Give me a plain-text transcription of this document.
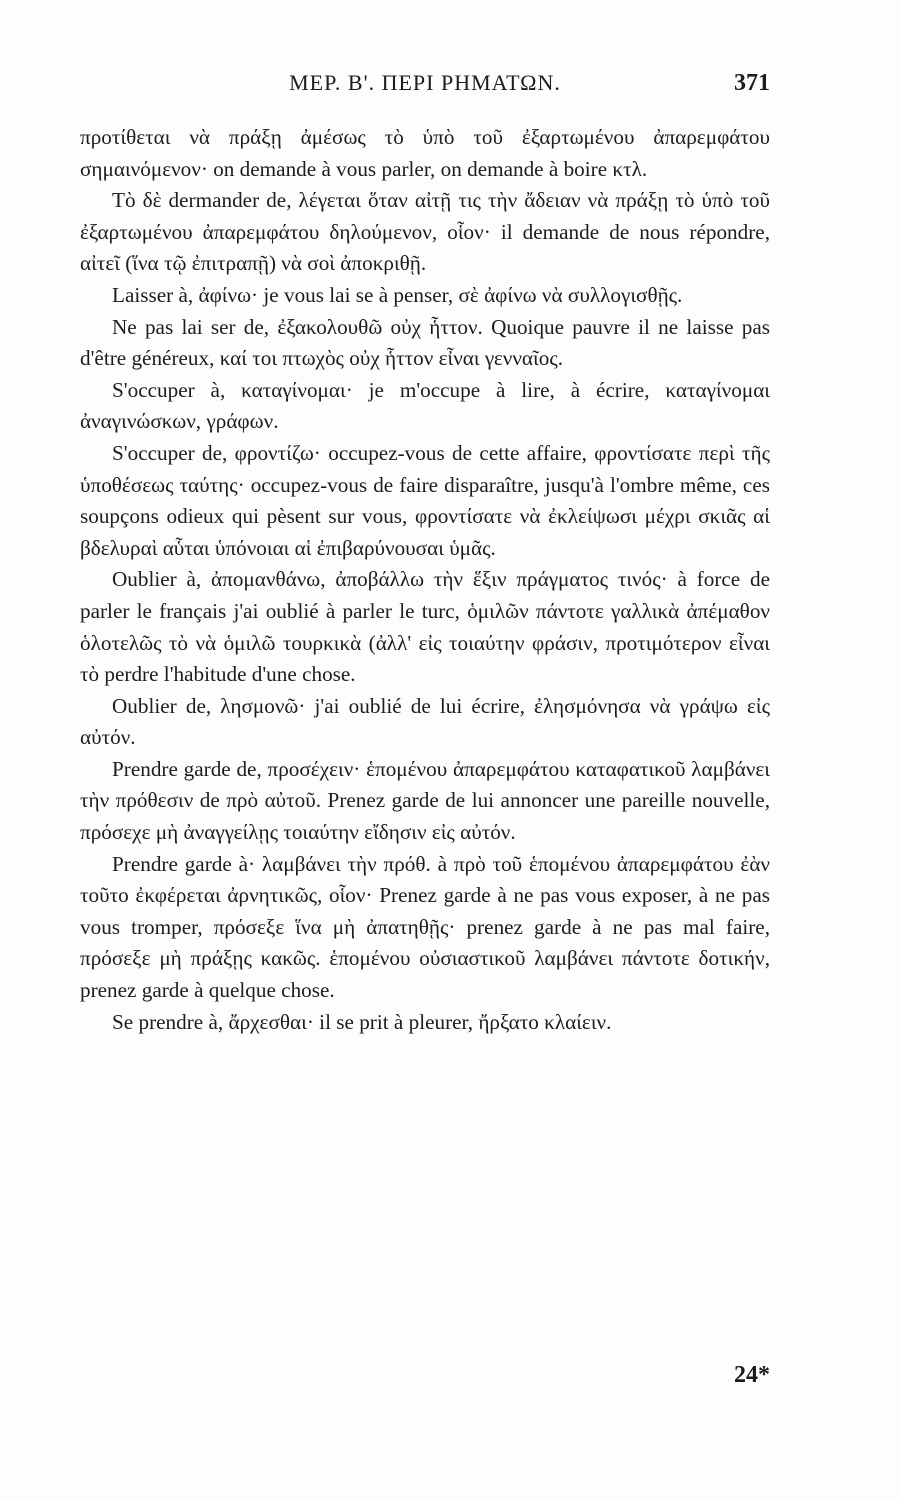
ΜΕΡ. Β'. ΠΕΡΙ ΡΗΜΑΤΩΝ.	371

προτίθεται νὰ πράξῃ ἀμέσως τὸ ὑπὸ τοῦ ἐξαρτωμένου ἀπαρεμφάτου σημαινόμενον· on demande à vous parler, on demande à boire κτλ.

Τὸ δὲ dermander de, λέγεται ὅταν αἰτῇ τις τὴν ἄδειαν νὰ πράξῃ τὸ ὑπὸ τοῦ ἐξαρτωμένου ἀπαρεμφάτου δηλούμενον, οἷον· il demande de nous répondre, αἰτεῖ (ἵνα τῷ ἐπιτραπῇ) νὰ σοὶ ἀποκριθῇ.

Laisser à, ἀφίνω· je vous lai se à penser, σὲ ἀφίνω νὰ συλλογισθῇς.

Ne pas lai ser de, ἐξακολουθῶ οὐχ ἧττον. Quoique pauvre il ne laisse pas d'être généreux, καί τοι πτωχὸς οὐχ ἧττον εἶναι γενναῖος.

S'occuper à, καταγίνομαι· je m'occupe à lire, à écrire, καταγίνομαι ἀναγινώσκων, γράφων.

S'occuper de, φροντίζω· occupez-vous de cette affaire, φροντίσατε περὶ τῆς ὑποθέσεως ταύτης· occupez-vous de faire disparaître, jusqu'à l'ombre même, ces soupçons odieux qui pèsent sur vous, φροντίσατε νὰ ἐκλείψωσι μέχρι σκιᾶς αἱ βδελυραὶ αὗται ὑπόνοιαι αἱ ἐπιβαρύνουσαι ὑμᾶς.

Oublier à, ἀπομανθάνω, ἀποβάλλω τὴν ἕξιν πράγματος τινός· à force de parler le français j'ai oublié à parler le turc, ὁμιλῶν πάντοτε γαλλικὰ ἀπέμαθον ὁλοτελῶς τὸ νὰ ὁμιλῶ τουρκικὰ (ἀλλ' εἰς τοιαύτην φράσιν, προτιμότερον εἶναι τὸ perdre l'habitude d'une chose.

Oublier de, λησμονῶ· j'ai oublié de lui écrire, ἐλησμόνησα νὰ γράψω εἰς αὐτόν.

Prendre garde de, προσέχειν· ἑπομένου ἀπαρεμφάτου καταφατικοῦ λαμβάνει τὴν πρόθεσιν de πρὸ αὐτοῦ. Prenez garde de lui annoncer une pareille nouvelle, πρόσεχε μὴ ἀναγγείλῃς τοιαύτην εἴδησιν εἰς αὐτόν.

Prendre garde à· λαμβάνει τὴν πρόθ. à πρὸ τοῦ ἑπομένου ἀπαρεμφάτου ἐὰν τοῦτο ἐκφέρεται ἀρνητικῶς, οἷον· Prenez garde à ne pas vous exposer, à ne pas vous tromper, πρόσεξε ἵνα μὴ ἀπατηθῇς· prenez garde à ne pas mal faire, πρόσεξε μὴ πράξῃς κακῶς. ἑπομένου οὐσιαστικοῦ λαμβάνει πάντοτε δοτικήν, prenez garde à quelque chose.

Se prendre à, ἄρχεσθαι· il se prit à pleurer, ἤρξατο κλαίειν.

24*
